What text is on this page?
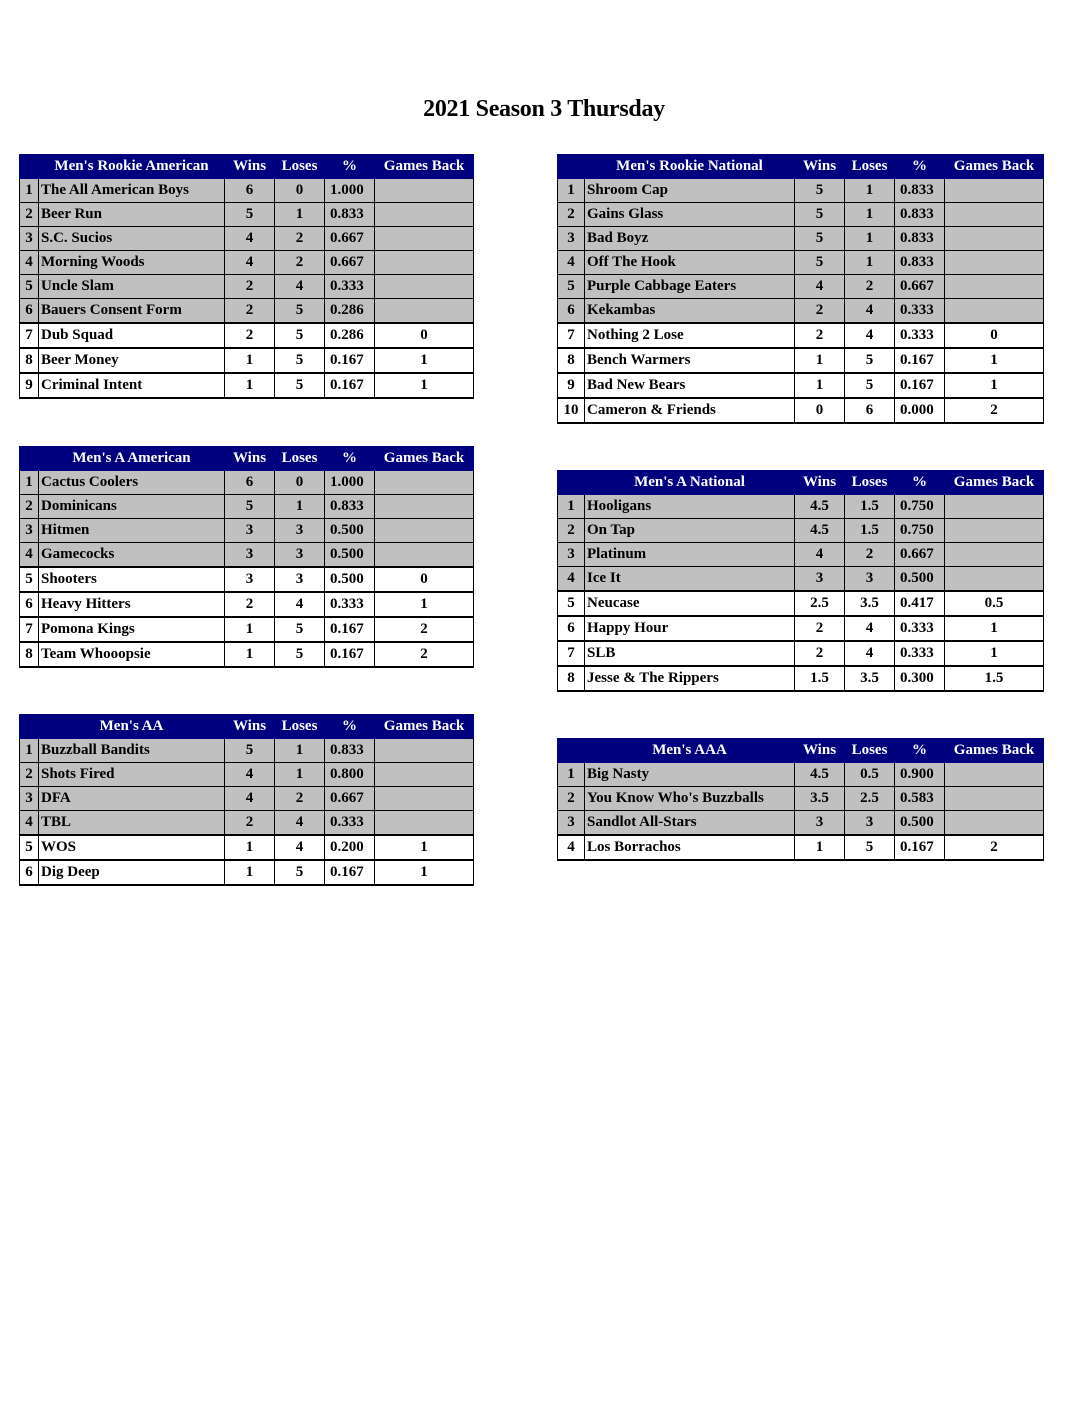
2021 Season 3 Thursday
	Men's Rookie American	Wins	Loses	%	Games Back
1	The All American Boys	6	0	1.000	
2	Beer Run	5	1	0.833	
3	S.C. Sucios	4	2	0.667	
4	Morning Woods	4	2	0.667	
5	Uncle Slam	2	4	0.333	
6	Bauers Consent Form	2	5	0.286	
7	Dub Squad	2	5	0.286	0
8	Beer Money	1	5	0.167	1
9	Criminal Intent	1	5	0.167	1
	Men's Rookie National	Wins	Loses	%	Games Back
1	Shroom Cap	5	1	0.833	
2	Gains Glass	5	1	0.833	
3	Bad Boyz	5	1	0.833	
4	Off The Hook	5	1	0.833	
5	Purple Cabbage Eaters	4	2	0.667	
6	Kekambas	2	4	0.333	
7	Nothing 2 Lose	2	4	0.333	0
8	Bench Warmers	1	5	0.167	1
9	Bad New Bears	1	5	0.167	1
10	Cameron & Friends	0	6	0.000	2
	Men's A American	Wins	Loses	%	Games Back
1	Cactus Coolers	6	0	1.000	
2	Dominicans	5	1	0.833	
3	Hitmen	3	3	0.500	
4	Gamecocks	3	3	0.500	
5	Shooters	3	3	0.500	0
6	Heavy Hitters	2	4	0.333	1
7	Pomona Kings	1	5	0.167	2
8	Team Whooopsie	1	5	0.167	2
	Men's A National	Wins	Loses	%	Games Back
1	Hooligans	4.5	1.5	0.750	
2	On Tap	4.5	1.5	0.750	
3	Platinum	4	2	0.667	
4	Ice It	3	3	0.500	
5	Neucase	2.5	3.5	0.417	0.5
6	Happy Hour	2	4	0.333	1
7	SLB	2	4	0.333	1
8	Jesse & The Rippers	1.5	3.5	0.300	1.5
	Men's AA	Wins	Loses	%	Games Back
1	Buzzball Bandits	5	1	0.833	
2	Shots Fired	4	1	0.800	
3	DFA	4	2	0.667	
4	TBL	2	4	0.333	
5	WOS	1	4	0.200	1
6	Dig Deep	1	5	0.167	1
	Men's AAA	Wins	Loses	%	Games Back
1	Big Nasty	4.5	0.5	0.900	
2	You Know Who's Buzzballs	3.5	2.5	0.583	
3	Sandlot All-Stars	3	3	0.500	
4	Los Borrachos	1	5	0.167	2
